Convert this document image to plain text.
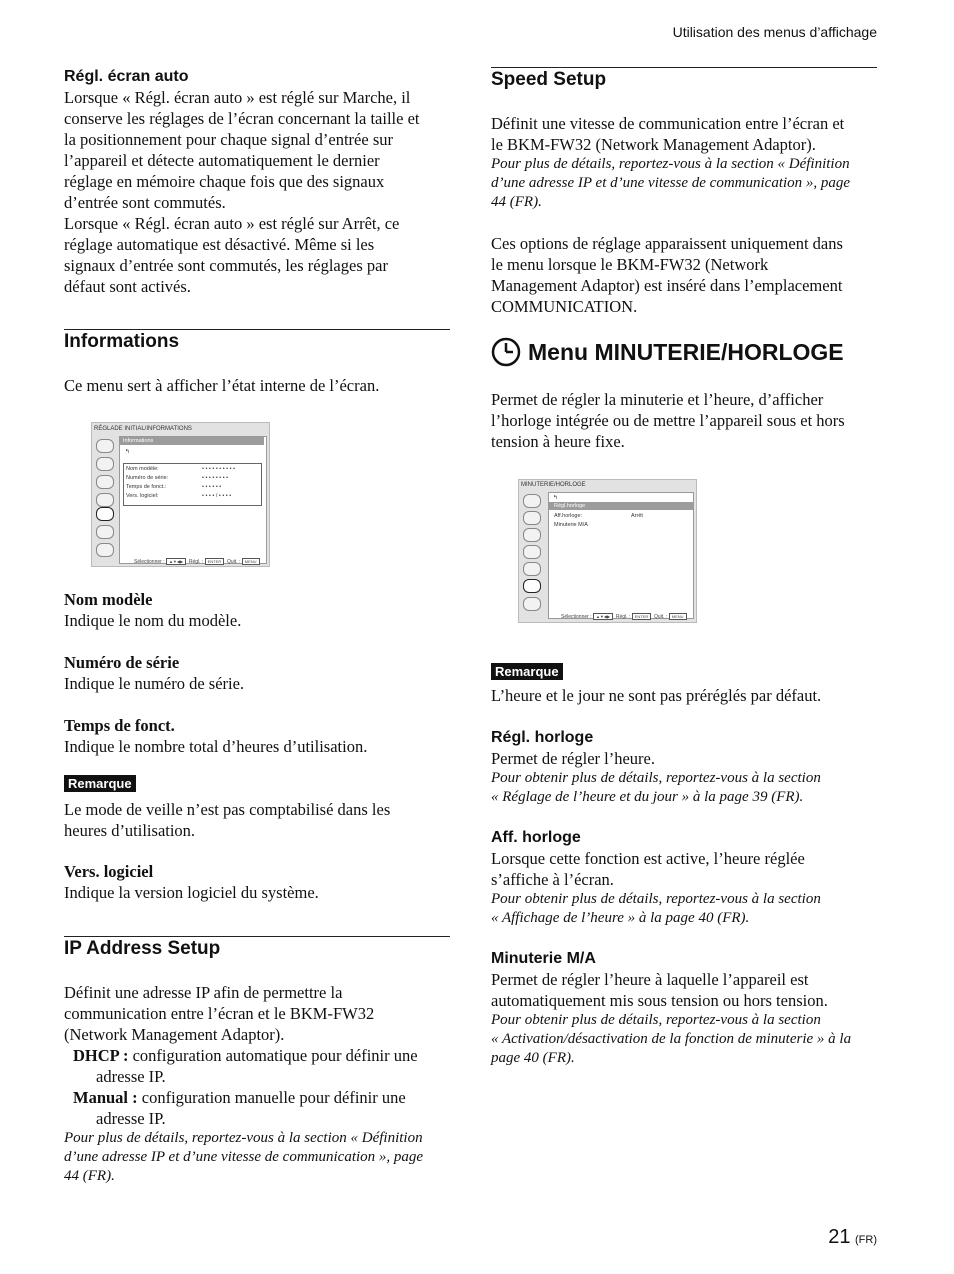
Utilisation des menus d’affichage
Régl. écran auto
Lorsque « Régl. écran auto » est réglé sur Marche, il
conserve les réglages de l’écran concernant la taille et
la positionnement pour chaque signal d’entrée sur
l’appareil et détecte automatiquement le dernier
réglage en mémoire chaque fois que des signaux
d’entrée sont commutés.
Lorsque « Régl. écran auto » est réglé sur Arrêt, ce
réglage automatique est désactivé. Même si les
signaux d’entrée sont commutés, les réglages par
défaut sont activés.
Informations
Ce menu sert à afficher l’état interne de l’écran.
RÉGLADE INITIAL/INFORMATIONS
Informations
↰
Nom modèle:	• • • • • • • • • •
Numéro de série:	• • • • • • • •
Temps de fonct.:	• • • • • •
Vers. logiciel:	• • • • / • • • •
Sélectionner : ▲▼◀▶ Régl. : ENTER Quit. : MENU
Nom modèle
Indique le nom du modèle.
Numéro de série
Indique le numéro de série.
Temps de fonct.
Indique le nombre total d’heures d’utilisation.
Remarque
Le mode de veille n’est pas comptabilisé dans les
heures d’utilisation.
Vers. logiciel
Indique la version logiciel du système.
IP Address Setup
Définit une adresse IP afin de permettre la
communication entre l’écran et le BKM-FW32
(Network Management Adaptor).
DHCP : configuration automatique pour définir une
adresse IP.
Manual : configuration manuelle pour définir une
adresse IP.
Pour plus de détails, reportez-vous à la section « Définition
d’une adresse IP et d’une vitesse de communication », page
44 (FR).
Speed Setup
Définit une vitesse de communication entre l’écran et
le BKM-FW32 (Network Management Adaptor).
Pour plus de détails, reportez-vous à la section « Définition
d’une adresse IP et d’une vitesse de communication », page
44 (FR).
Ces options de réglage apparaissent uniquement dans
le menu lorsque le BKM-FW32 (Network
Management Adaptor) est inséré dans l’emplacement
COMMUNICATION.
Menu MINUTERIE/HORLOGE
Permet de régler la minuterie et l’heure, d’afficher
l’horloge intégrée ou de mettre l’appareil sous et hors
tension à heure fixe.
MINUTERIE/HORLOGE
↰
Régl.horloge
Aff.horloge:	Arrêt
Minuterie M/A
Sélectionner : ▲▼◀▶ Régl. : ENTER Quit. : MENU
Remarque
L’heure et le jour ne sont pas préréglés par défaut.
Régl. horloge
Permet de régler l’heure.
Pour obtenir plus de détails, reportez-vous à la section
« Réglage de l’heure et du jour » à la page 39 (FR).
Aff. horloge
Lorsque cette fonction est active, l’heure réglée
s’affiche à l’écran.
Pour obtenir plus de détails, reportez-vous à la section
« Affichage de l’heure » à la page 40 (FR).
Minuterie M/A
Permet de régler l’heure à laquelle l’appareil est
automatiquement mis sous tension ou hors tension.
Pour obtenir plus de détails, reportez-vous à la section
« Activation/désactivation de la fonction de minuterie » à la
page 40 (FR).
21 (FR)
